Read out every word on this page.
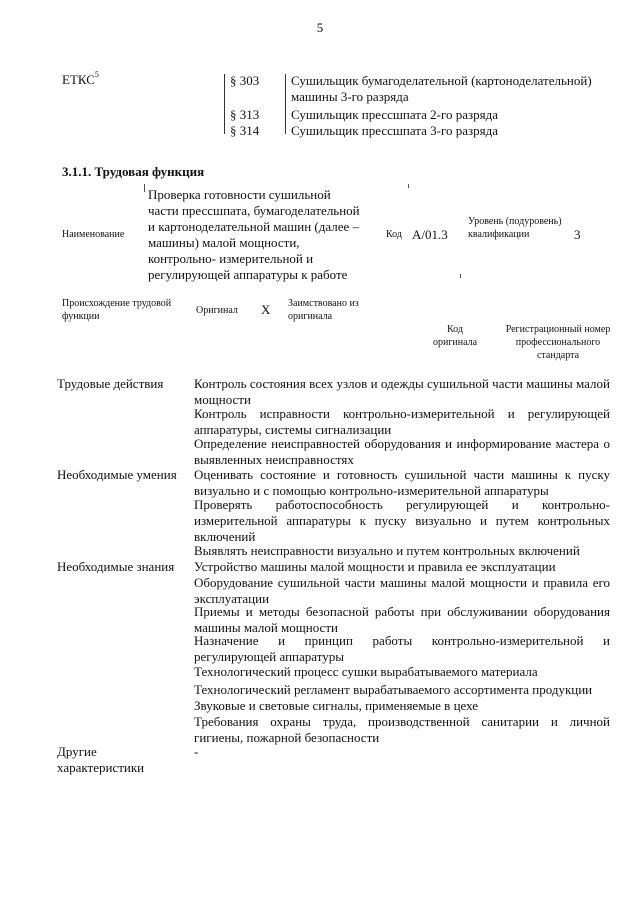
5
ЕТКС$^5$	§ 303 Сушильщик бумагоделательной (картоноделательной) машины 3-го разряда
§ 313 Сушильщик прессшпата 2-го разряда
§ 314 Сушильщик прессшпата 3-го разряда
3.1.1. Трудовая функция
Наименование
Проверка готовности сушильной части прессшпата, бумагоделательной и картоноделательной машин (далее – машины) малой мощности, контрольно- измерительной и регулирующей аппаратуры к работе
Код А/01.3
Уровень (подуровень) квалификации	3
Происхождение трудовой функции
Оригинал X Заимствовано из оригинала
Код оригинала
Регистрационный номер профессионального стандарта
Трудовые действия Контроль состояния всех узлов и одежды сушильной части машины малой мощности
Контроль исправности контрольно-измерительной и регулирующей аппаратуры, системы сигнализации
Определение неисправностей оборудования и информирование мастера о выявленных неисправностях
Необходимые умения Оценивать состояние и готовность сушильной части машины к пуску визуально и с помощью контрольно-измерительной аппаратуры
Проверять работоспособность регулирующей и контрольно-измерительной аппаратуры к пуску визуально и путем контрольных включений
Выявлять неисправности визуально и путем контрольных включений
Необходимые знания Устройство машины малой мощности и правила ее эксплуатации
Оборудование сушильной части машины малой мощности и правила его эксплуатации
Приемы и методы безопасной работы при обслуживании оборудования машины малой мощности
Назначение и принцип работы контрольно-измерительной и регулирующей аппаратуры
Технологический процесс сушки вырабатываемого материала
Технологический регламент вырабатываемого ассортимента продукции
Звуковые и световые сигналы, применяемые в цехе
Требования охраны труда, производственной санитарии и личной гигиены, пожарной безопасности
Другие характеристики
-
